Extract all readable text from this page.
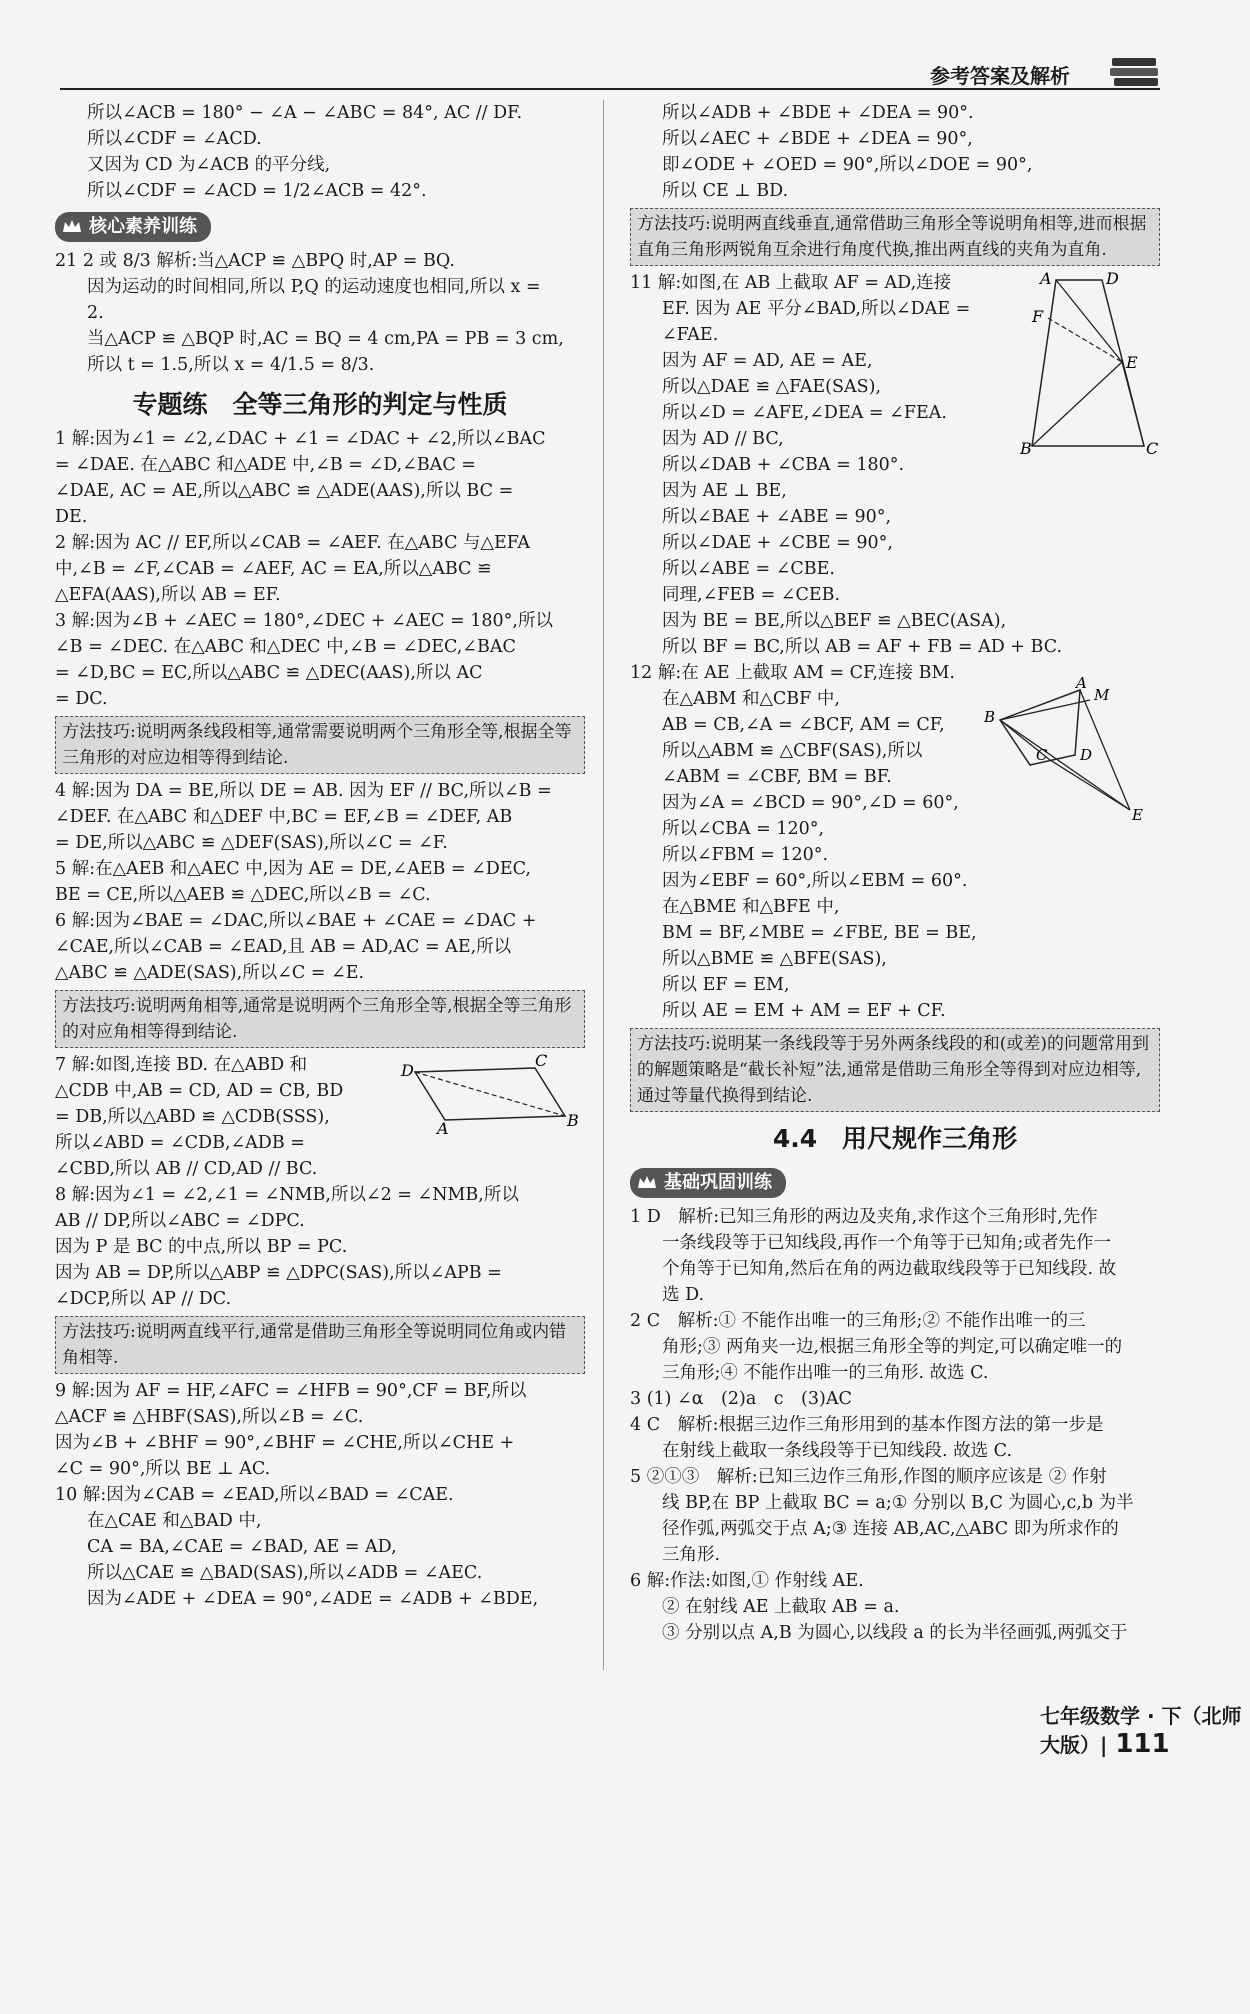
参考答案及解析
所以∠ACB = 180° − ∠A − ∠ABC = 84°, AC // DF.
所以∠CDF = ∠ACD.
又因为 CD 为∠ACB 的平分线,
所以∠CDF = ∠ACD = 1/2∠ACB = 42°.
核心素养训练
21 2 或 8/3 解析:当△ACP ≌ △BPQ 时,AP = BQ.
因为运动的时间相同,所以 P,Q 的运动速度也相同,所以 x =
2.
当△ACP ≌ △BQP 时,AC = BQ = 4 cm,PA = PB = 3 cm,
所以 t = 1.5,所以 x = 4/1.5 = 8/3.
专题练　全等三角形的判定与性质
1 解:因为∠1 = ∠2,∠DAC + ∠1 = ∠DAC + ∠2,所以∠BAC
= ∠DAE. 在△ABC 和△ADE 中,∠B = ∠D,∠BAC =
∠DAE, AC = AE,所以△ABC ≌ △ADE(AAS),所以 BC =
DE.
2 解:因为 AC // EF,所以∠CAB = ∠AEF. 在△ABC 与△EFA
中,∠B = ∠F,∠CAB = ∠AEF, AC = EA,所以△ABC ≌
△EFA(AAS),所以 AB = EF.
3 解:因为∠B + ∠AEC = 180°,∠DEC + ∠AEC = 180°,所以
∠B = ∠DEC. 在△ABC 和△DEC 中,∠B = ∠DEC,∠BAC
= ∠D,BC = EC,所以△ABC ≌ △DEC(AAS),所以 AC
= DC.
方法技巧:说明两条线段相等,通常需要说明两个三角形全等,根据全等三角形的对应边相等得到结论.
4 解:因为 DA = BE,所以 DE = AB. 因为 EF // BC,所以∠B =
∠DEF. 在△ABC 和△DEF 中,BC = EF,∠B = ∠DEF, AB
= DE,所以△ABC ≌ △DEF(SAS),所以∠C = ∠F.
5 解:在△AEB 和△AEC 中,因为 AE = DE,∠AEB = ∠DEC,
BE = CE,所以△AEB ≌ △DEC,所以∠B = ∠C.
6 解:因为∠BAE = ∠DAC,所以∠BAE + ∠CAE = ∠DAC +
∠CAE,所以∠CAB = ∠EAD,且 AB = AD,AC = AE,所以
△ABC ≌ △ADE(SAS),所以∠C = ∠E.
方法技巧:说明两角相等,通常是说明两个三角形全等,根据全等三角形的对应角相等得到结论.
7 解:如图,连接 BD. 在△ABD 和
△CDB 中,AB = CD, AD = CB, BD
= DB,所以△ABD ≌ △CDB(SSS),
所以∠ABD = ∠CDB,∠ADB =
∠CBD,所以 AB // CD,AD // BC.
D
C
A	B
8 解:因为∠1 = ∠2,∠1 = ∠NMB,所以∠2 = ∠NMB,所以
AB // DP,所以∠ABC = ∠DPC.
因为 P 是 BC 的中点,所以 BP = PC.
因为 AB = DP,所以△ABP ≌ △DPC(SAS),所以∠APB =
∠DCP,所以 AP // DC.
方法技巧:说明两直线平行,通常是借助三角形全等说明同位角或内错角相等.
9 解:因为 AF = HF,∠AFC = ∠HFB = 90°,CF = BF,所以
△ACF ≌ △HBF(SAS),所以∠B = ∠C.
因为∠B + ∠BHF = 90°,∠BHF = ∠CHE,所以∠CHE +
∠C = 90°,所以 BE ⊥ AC.
10 解:因为∠CAB = ∠EAD,所以∠BAD = ∠CAE.
在△CAE 和△BAD 中,
CA = BA,∠CAE = ∠BAD, AE = AD,
所以△CAE ≌ △BAD(SAS),所以∠ADB = ∠AEC.
因为∠ADE + ∠DEA = 90°,∠ADE = ∠ADB + ∠BDE,
所以∠ADB + ∠BDE + ∠DEA = 90°.
所以∠AEC + ∠BDE + ∠DEA = 90°,
即∠ODE + ∠OED = 90°,所以∠DOE = 90°,
所以 CE ⊥ BD.
方法技巧:说明两直线垂直,通常借助三角形全等说明角相等,进而根据直角三角形两锐角互余进行角度代换,推出两直线的夹角为直角.
11 解:如图,在 AB 上截取 AF = AD,连接
EF. 因为 AE 平分∠BAD,所以∠DAE =
∠FAE.
因为 AF = AD, AE = AE,
所以△DAE ≌ △FAE(SAS),
所以∠D = ∠AFE,∠DEA = ∠FEA.
因为 AD // BC,
所以∠DAB + ∠CBA = 180°.
因为 AE ⊥ BE,
所以∠BAE + ∠ABE = 90°,
所以∠DAE + ∠CBE = 90°,
所以∠ABE = ∠CBE.
同理,∠FEB = ∠CEB.
因为 BE = BE,所以△BEF ≌ △BEC(ASA),
所以 BF = BC,所以 AB = AF + FB = AD + BC.
A	D
F
E
B	C
12 解:在 AE 上截取 AM = CF,连接 BM.
在△ABM 和△CBF 中,
AB = CB,∠A = ∠BCF, AM = CF,
所以△ABM ≌ △CBF(SAS),所以
∠ABM = ∠CBF, BM = BF.
因为∠A = ∠BCD = 90°,∠D = 60°,
所以∠CBA = 120°,
所以∠FBM = 120°.
因为∠EBF = 60°,所以∠EBM = 60°.
在△BME 和△BFE 中,
BM = BF,∠MBE = ∠FBE, BE = BE,
所以△BME ≌ △BFE(SAS),
所以 EF = EM,
所以 AE = EM + AM = EF + CF.
A
M
B
C D
E
方法技巧:说明某一条线段等于另外两条线段的和(或差)的问题常用到的解题策略是“截长补短”法,通常是借助三角形全等得到对应边相等,通过等量代换得到结论.
4.4　用尺规作三角形
基础巩固训练
1 D　解析:已知三角形的两边及夹角,求作这个三角形时,先作
一条线段等于已知线段,再作一个角等于已知角;或者先作一
个角等于已知角,然后在角的两边截取线段等于已知线段. 故
选 D.
2 C　解析:① 不能作出唯一的三角形;② 不能作出唯一的三
角形;③ 两角夹一边,根据三角形全等的判定,可以确定唯一的
三角形;④ 不能作出唯一的三角形. 故选 C.
3 (1) ∠α　(2)a　c　(3)AC
4 C　解析:根据三边作三角形用到的基本作图方法的第一步是
在射线上截取一条线段等于已知线段. 故选 C.
5 ②①③　解析:已知三边作三角形,作图的顺序应该是 ② 作射
线 BP,在 BP 上截取 BC = a;① 分别以 B,C 为圆心,c,b 为半
径作弧,两弧交于点 A;③ 连接 AB,AC,△ABC 即为所求作的
三角形.
6 解:作法:如图,① 作射线 AE.
② 在射线 AE 上截取 AB = a.
③ 分别以点 A,B 为圆心,以线段 a 的长为半径画弧,两弧交于
七年级数学 · 下（北师大版）| 111
